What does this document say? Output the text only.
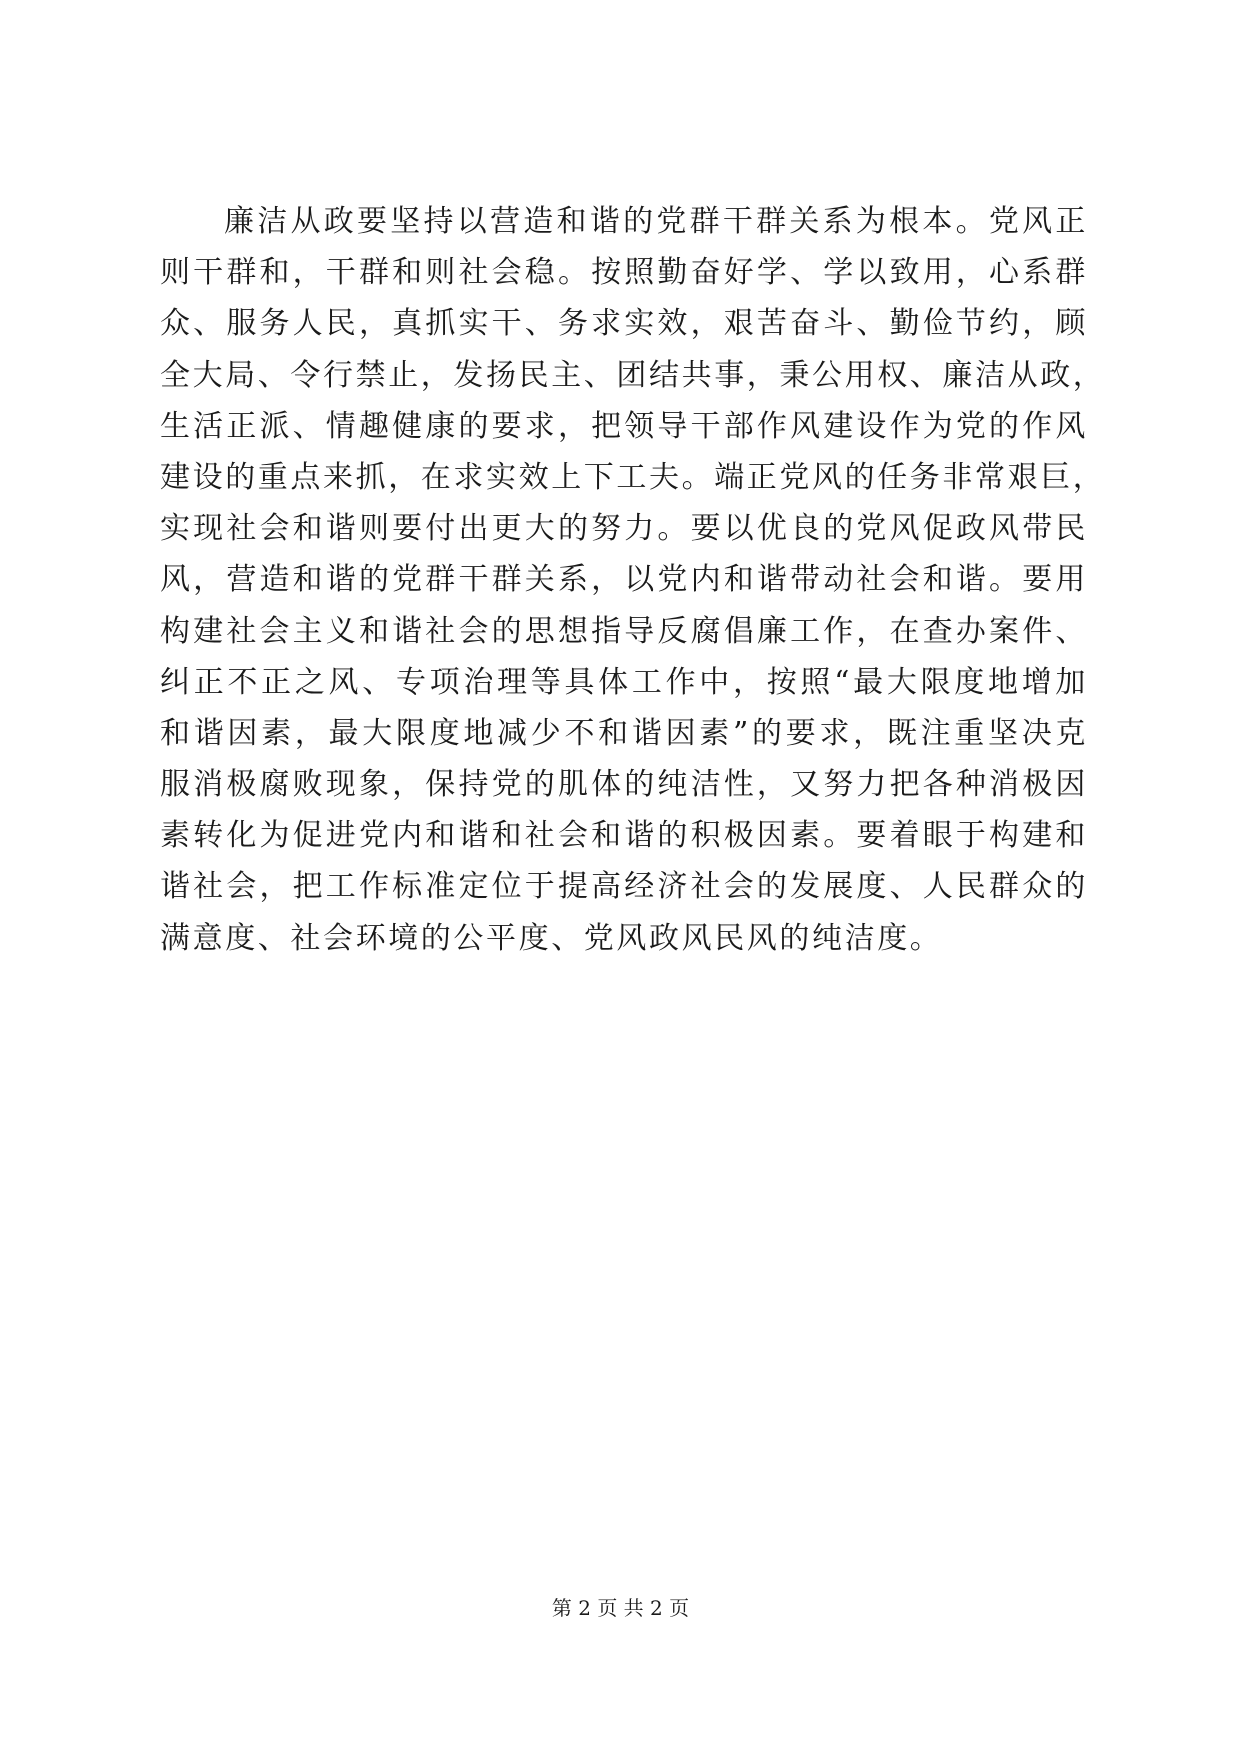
廉洁从政要坚持以营造和谐的党群干群关系为根本。党风正
则干群和，干群和则社会稳。按照勤奋好学、学以致用，心系群
众、服务人民，真抓实干、务求实效，艰苦奋斗、勤俭节约，顾
全大局、令行禁止，发扬民主、团结共事，秉公用权、廉洁从政，
生活正派、情趣健康的要求，把领导干部作风建设作为党的作风
建设的重点来抓，在求实效上下工夫。端正党风的任务非常艰巨，
实现社会和谐则要付出更大的努力。要以优良的党风促政风带民
风，营造和谐的党群干群关系，以党内和谐带动社会和谐。要用
构建社会主义和谐社会的思想指导反腐倡廉工作，在查办案件、
纠正不正之风、专项治理等具体工作中，按照“最大限度地增加
和谐因素，最大限度地减少不和谐因素”的要求，既注重坚决克
服消极腐败现象，保持党的肌体的纯洁性，又努力把各种消极因
素转化为促进党内和谐和社会和谐的积极因素。要着眼于构建和
谐社会，把工作标准定位于提高经济社会的发展度、人民群众的
满意度、社会环境的公平度、党风政风民风的纯洁度。
第 2 页 共 2 页
